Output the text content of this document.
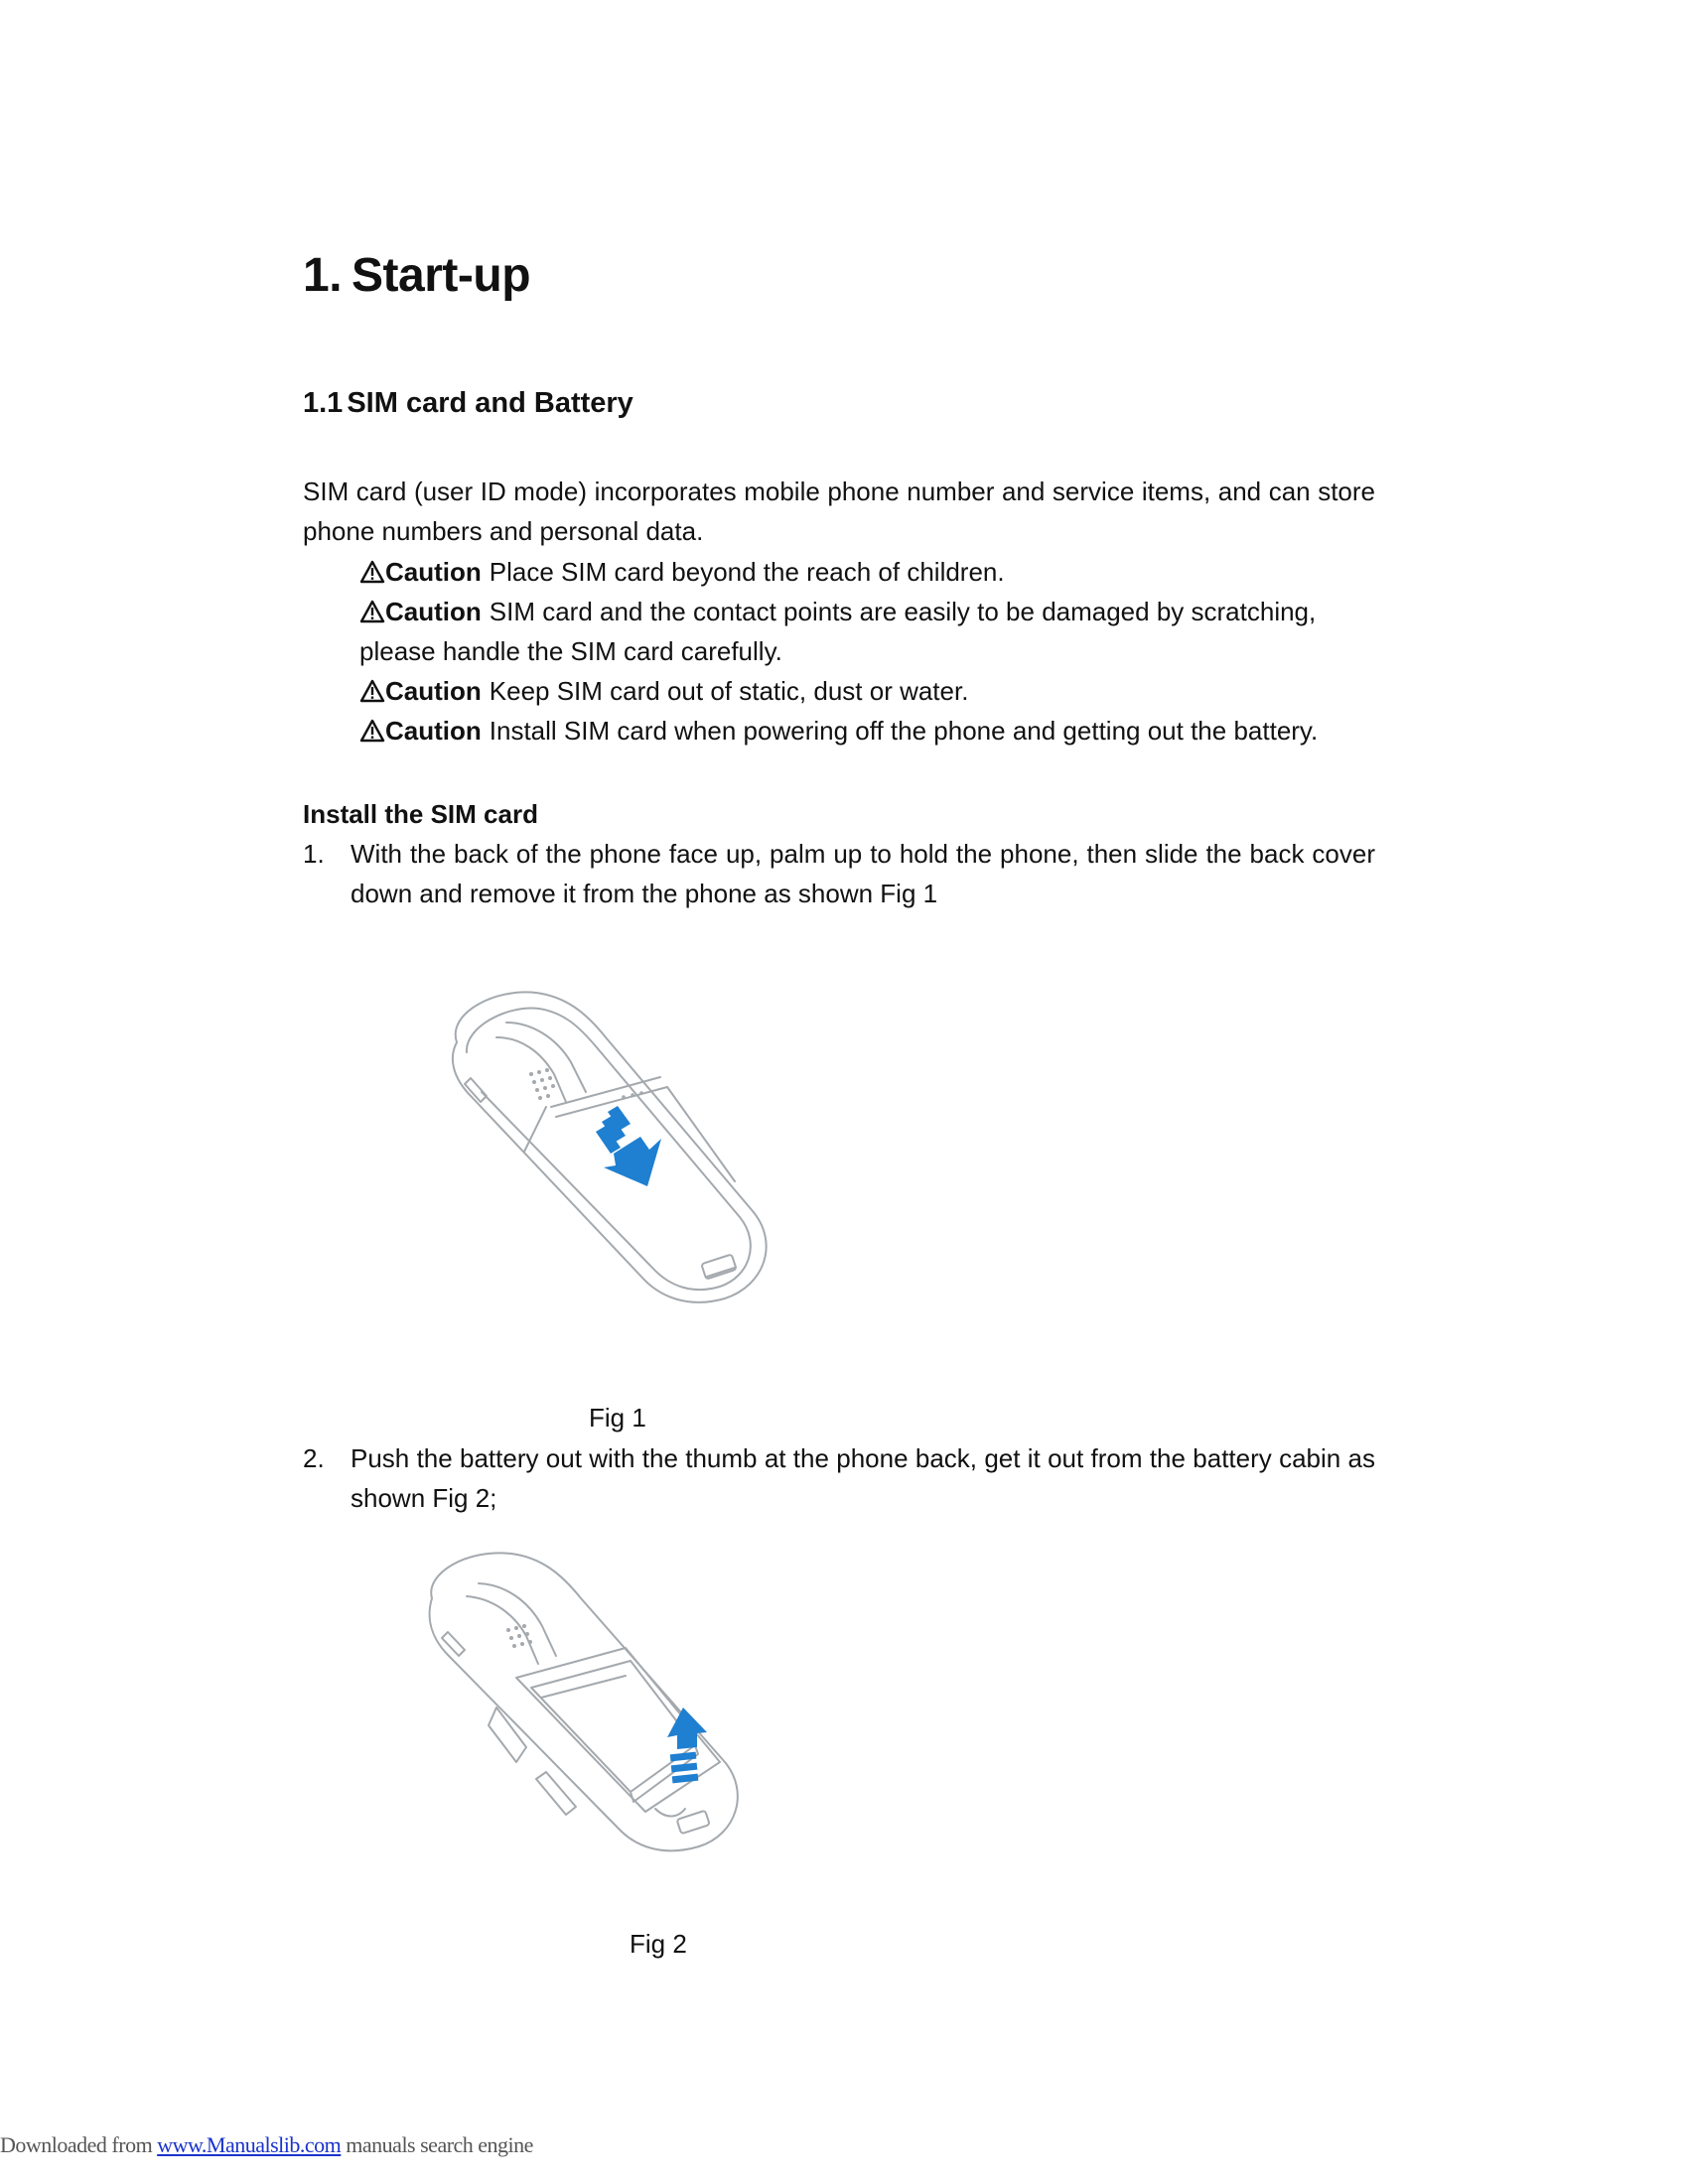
1. Start-up
1.1 SIM card and Battery
SIM card (user ID mode) incorporates mobile phone number and service items, and can store phone numbers and personal data.
Caution Place SIM card beyond the reach of children.
Caution SIM card and the contact points are easily to be damaged by scratching,
please handle the SIM card carefully.
Caution Keep SIM card out of static, dust or water.
Caution Install SIM card when powering off the phone and getting out the battery.
Install the SIM card
1.	With the back of the phone face up, palm up to hold the phone, then slide the back cover down and remove it from the phone as shown Fig 1
Fig 1
2.	Push the battery out with the thumb at the phone back, get it out from the battery cabin as shown Fig 2;
Fig 2
Downloaded from www.Manualslib.com manuals search engine
